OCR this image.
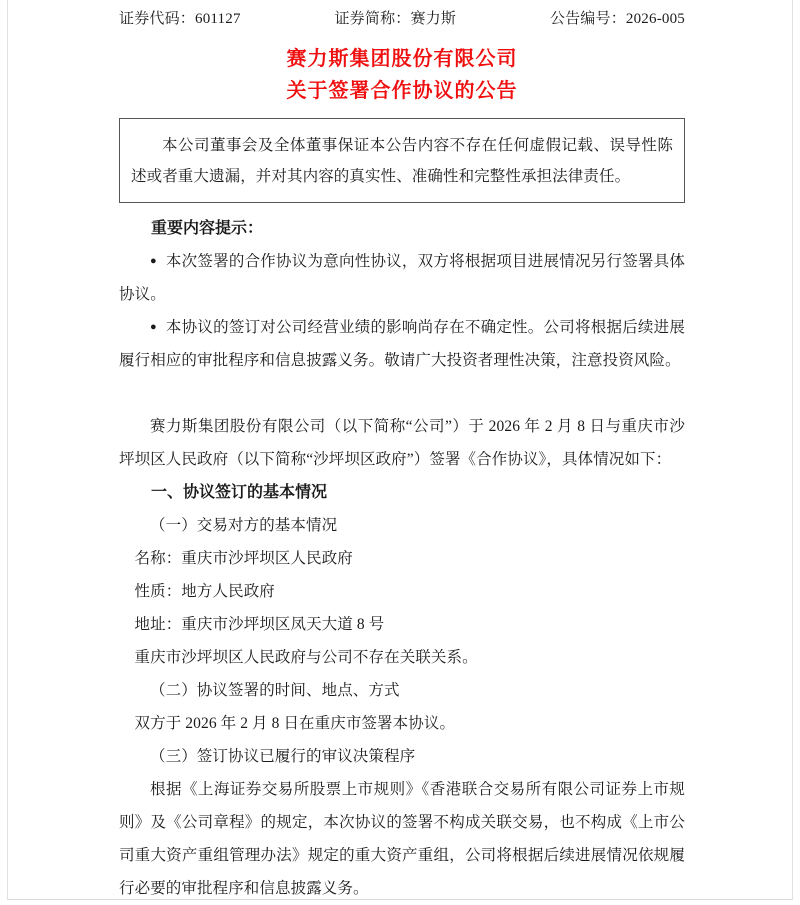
证券代码：601127	证券简称：赛力斯	公告编号：2026-005
赛力斯集团股份有限公司
关于签署合作协议的公告

本公司董事会及全体董事保证本公告内容不存在任何虚假记载、误导性陈述或者重大遗漏，并对其内容的真实性、准确性和完整性承担法律责任。

重要内容提示：

● 本次签署的合作协议为意向性协议，双方将根据项目进展情况另行签署具体协议。

● 本协议的签订对公司经营业绩的影响尚存在不确定性。公司将根据后续进展履行相应的审批程序和信息披露义务。敬请广大投资者理性决策，注意投资风险。

赛力斯集团股份有限公司（以下简称“公司”）于 2026 年 2 月 8 日与重庆市沙坪坝区人民政府（以下简称“沙坪坝区政府”）签署《合作协议》，具体情况如下：

一、协议签订的基本情况
（一）交易对方的基本情况
名称：重庆市沙坪坝区人民政府
性质：地方人民政府
地址：重庆市沙坪坝区凤天大道 8 号
重庆市沙坪坝区人民政府与公司不存在关联关系。
（二）协议签署的时间、地点、方式
双方于 2026 年 2 月 8 日在重庆市签署本协议。
（三）签订协议已履行的审议决策程序

根据《上海证券交易所股票上市规则》《香港联合交易所有限公司证券上市规则》及《公司章程》的规定，本次协议的签署不构成关联交易，也不构成《上市公司重大资产重组管理办法》规定的重大资产重组，公司将根据后续进展情况依规履行必要的审批程序和信息披露义务。
